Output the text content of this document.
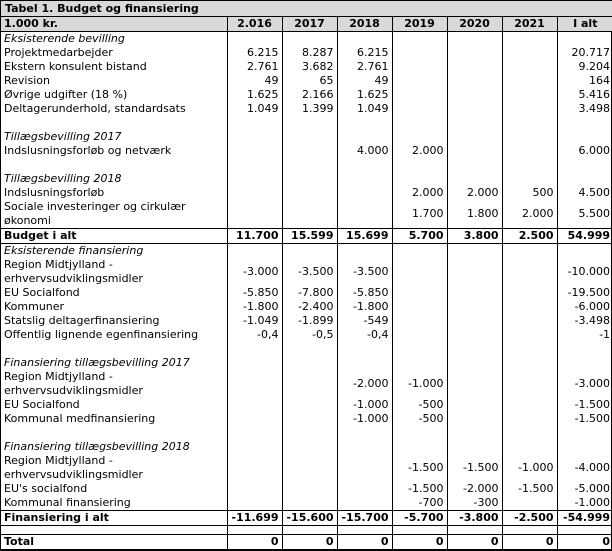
Tabel 1. Budget og finansiering							
1.000 kr.	2.016	2017	2018	2019	2020	2021	I alt
Eksisterende bevilling							
Projektmedarbejder	6.215	8.287	6.215				20.717
Ekstern konsulent bistand	2.761	3.682	2.761				9.204
Revision	49	65	49				164
Øvrige udgifter (18 %)	1.625	2.166	1.625				5.416
Deltagerunderhold, standardsats	1.049	1.399	1.049				3.498

Tillægsbevilling 2017							
Indslusningsforløb og netværk			4.000	2.000			6.000

Tillægsbevilling 2018							
Indslusningsforløb				2.000	2.000	500	4.500
Sociale investeringer og cirkulær økonomi				1.700	1.800	2.000	5.500
Budget i alt	11.700	15.599	15.699	5.700	3.800	2.500	54.999
Eksisterende finansiering							
Region Midtjylland - erhvervsudviklingsmidler	-3.000	-3.500	-3.500				-10.000
EU Socialfond	-5.850	-7.800	-5.850				-19.500
Kommuner	-1.800	-2.400	-1.800				-6.000
Statslig deltagerfinansiering	-1.049	-1.899	-549				-3.498
Offentlig lignende egenfinansiering	-0,4	-0,5	-0,4				-1

Finansiering tillægsbevilling 2017							
Region Midtjylland - erhvervsudviklingsmidler			-2.000	-1.000			-3.000
EU Socialfond			-1.000	-500			-1.500
Kommunal medfinansiering			-1.000	-500			-1.500

Finansiering tillægsbevilling 2018							
Region Midtjylland - erhvervsudviklingsmidler				-1.500	-1.500	-1.000	-4.000
EU's socialfond				-1.500	-2.000	-1.500	-5.000
Kommunal finansiering				-700	-300		-1.000
Finansiering i alt	-11.699	-15.600	-15.700	-5.700	-3.800	-2.500	-54.999

Total	0	0	0	0	0	0	0
